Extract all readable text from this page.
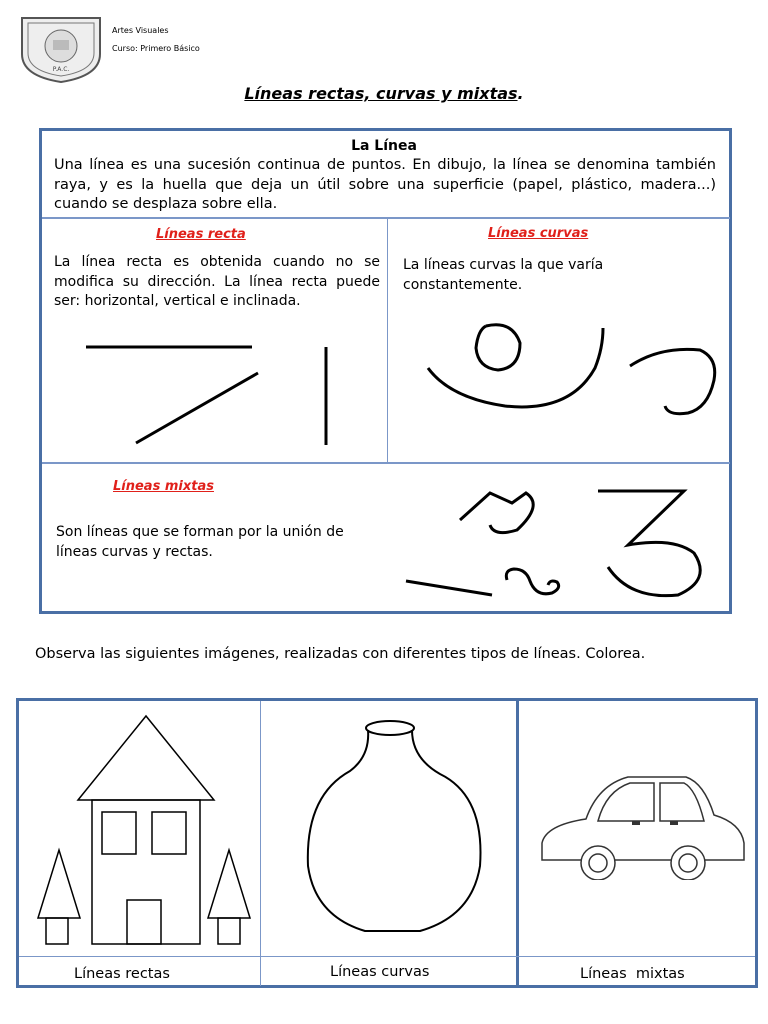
P.A.C.
Artes Visuales
Curso: Primero Básico
Líneas rectas, curvas y mixtas.
La Línea
Una línea es una sucesión continua de puntos. En dibujo, la línea se denomina también raya, y es la huella que deja un útil sobre una superficie (papel, plástico, madera...) cuando se desplaza sobre ella.
Líneas recta
La línea recta es obtenida cuando no se modifica su dirección. La línea recta puede ser: horizontal, vertical e inclinada.
Líneas curvas
La líneas curvas la que varía constantemente.
Líneas mixtas
Son líneas que se forman por la unión de líneas curvas y rectas.
Observa las siguientes imágenes, realizadas con diferentes tipos de líneas. Colorea.
Líneas rectas	Líneas curvas	Líneas  mixtas
